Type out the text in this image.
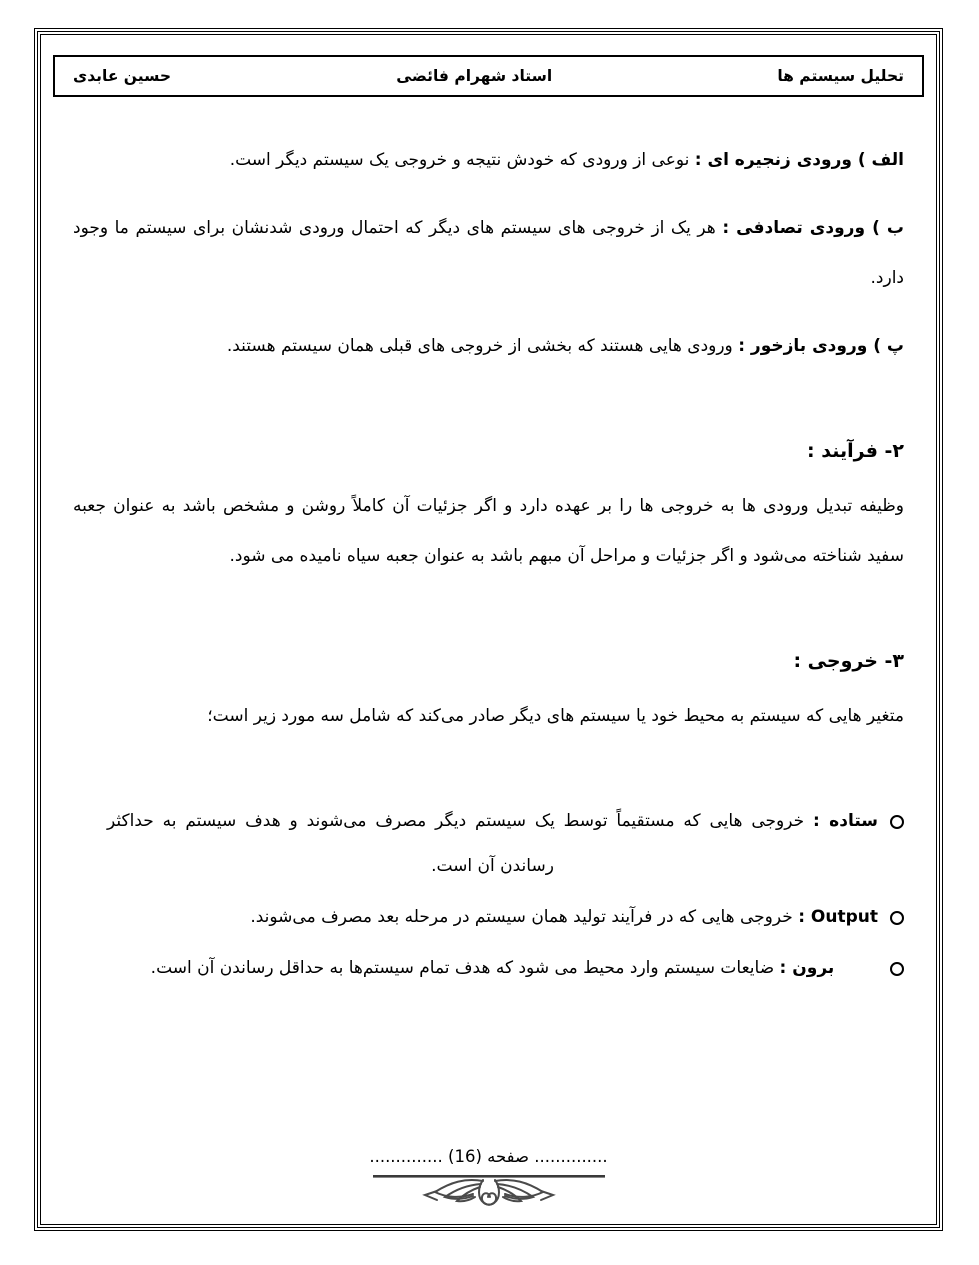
تحلیل سیستم ها
استاد شهرام فائضی
حسین عابدی

الف ) ورودی زنجیره ای : نوعی از ورودی که خودش نتیجه و خروجی یک سیستم دیگر است.

ب ) ورودی تصادفی : هر یک از خروجی های سیستم های دیگر که احتمال ورودی شدنشان برای سیستم ما وجود دارد.

پ ) ورودی بازخور : ورودی هایی هستند که بخشی از خروجی های قبلی همان سیستم هستند.

۲- فرآیند :

وظیفه تبدیل ورودی ها به خروجی ها را بر عهده دارد و اگر جزئیات آن کاملاً روشن و مشخص باشد به عنوان جعبه سفید شناخته می‌شود و اگر جزئیات و مراحل آن مبهم باشد به عنوان جعبه سیاه نامیده می شود.

۳- خروجی :

متغیر هایی که سیستم به محیط خود یا سیستم های دیگر صادر می‌کند که شامل سه مورد زیر است؛

ستاده : خروجی هایی که مستقیماً توسط یک سیستم دیگر مصرف می‌شوند و هدف سیستم به حداکثر رساندن آن است.
Output : خروجی هایی که در فرآیند تولید همان سیستم در مرحله بعد مصرف می‌شوند.
برون : ضایعات سیستم وارد محیط می شود که هدف تمام سیستم‌ها به حداقل رساندن آن است.
.............. صفحه (16) ..............
